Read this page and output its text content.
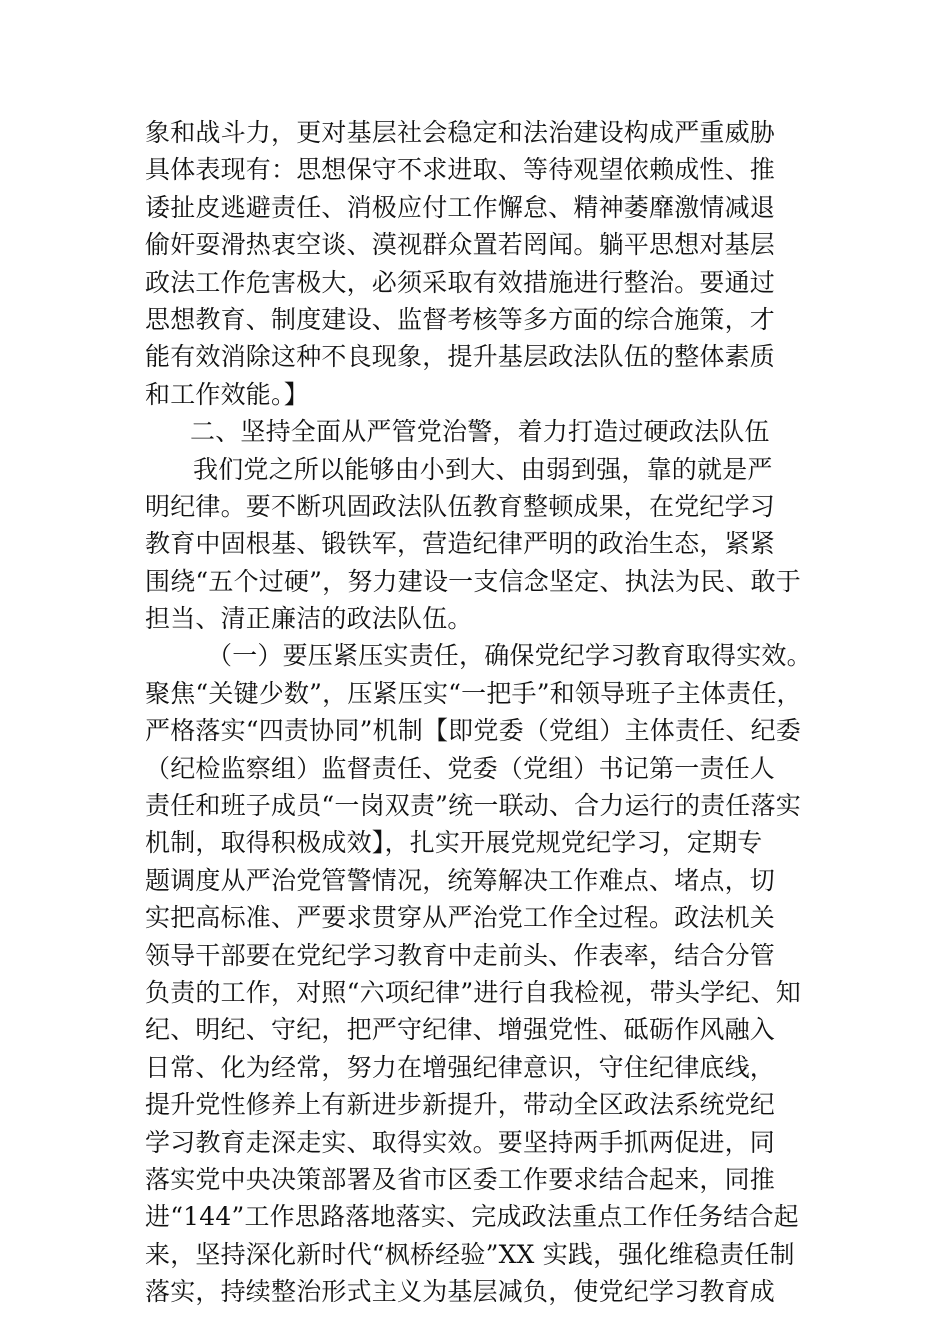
象和战斗力，更对基层社会稳定和法治建设构成严重威胁
具体表现有：思想保守不求进取、等待观望依赖成性、推
诿扯皮逃避责任、消极应付工作懈怠、精神萎靡激情减退
偷奸耍滑热衷空谈、漠视群众置若罔闻。躺平思想对基层
政法工作危害极大，必须采取有效措施进行整治。要通过
思想教育、制度建设、监督考核等多方面的综合施策，才
能有效消除这种不良现象，提升基层政法队伍的整体素质
和工作效能。】
二、坚持全面从严管党治警，着力打造过硬政法队伍
我们党之所以能够由小到大、由弱到强，靠的就是严
明纪律。要不断巩固政法队伍教育整顿成果，在党纪学习
教育中固根基、锻铁军，营造纪律严明的政治生态，紧紧
围绕“五个过硬”，努力建设一支信念坚定、执法为民、敢于
担当、清正廉洁的政法队伍。
（一）要压紧压实责任，确保党纪学习教育取得实效。
聚焦“关键少数”，压紧压实“一把手”和领导班子主体责任，
严格落实“四责协同”机制【即党委（党组）主体责任、纪委
（纪检监察组）监督责任、党委（党组）书记第一责任人
责任和班子成员“一岗双责”统一联动、合力运行的责任落实
机制，取得积极成效】，扎实开展党规党纪学习，定期专
题调度从严治党管警情况，统筹解决工作难点、堵点，切
实把高标准、严要求贯穿从严治党工作全过程。政法机关
领导干部要在党纪学习教育中走前头、作表率，结合分管
负责的工作，对照“六项纪律”进行自我检视，带头学纪、知
纪、明纪、守纪，把严守纪律、增强党性、砥砺作风融入
日常、化为经常，努力在增强纪律意识，守住纪律底线，
提升党性修养上有新进步新提升，带动全区政法系统党纪
学习教育走深走实、取得实效。要坚持两手抓两促进，同
落实党中央决策部署及省市区委工作要求结合起来，同推
进“144”工作思路落地落实、完成政法重点工作任务结合起
来，坚持深化新时代“枫桥经验”XX 实践，强化维稳责任制
落实，持续整治形式主义为基层减负，使党纪学习教育成
